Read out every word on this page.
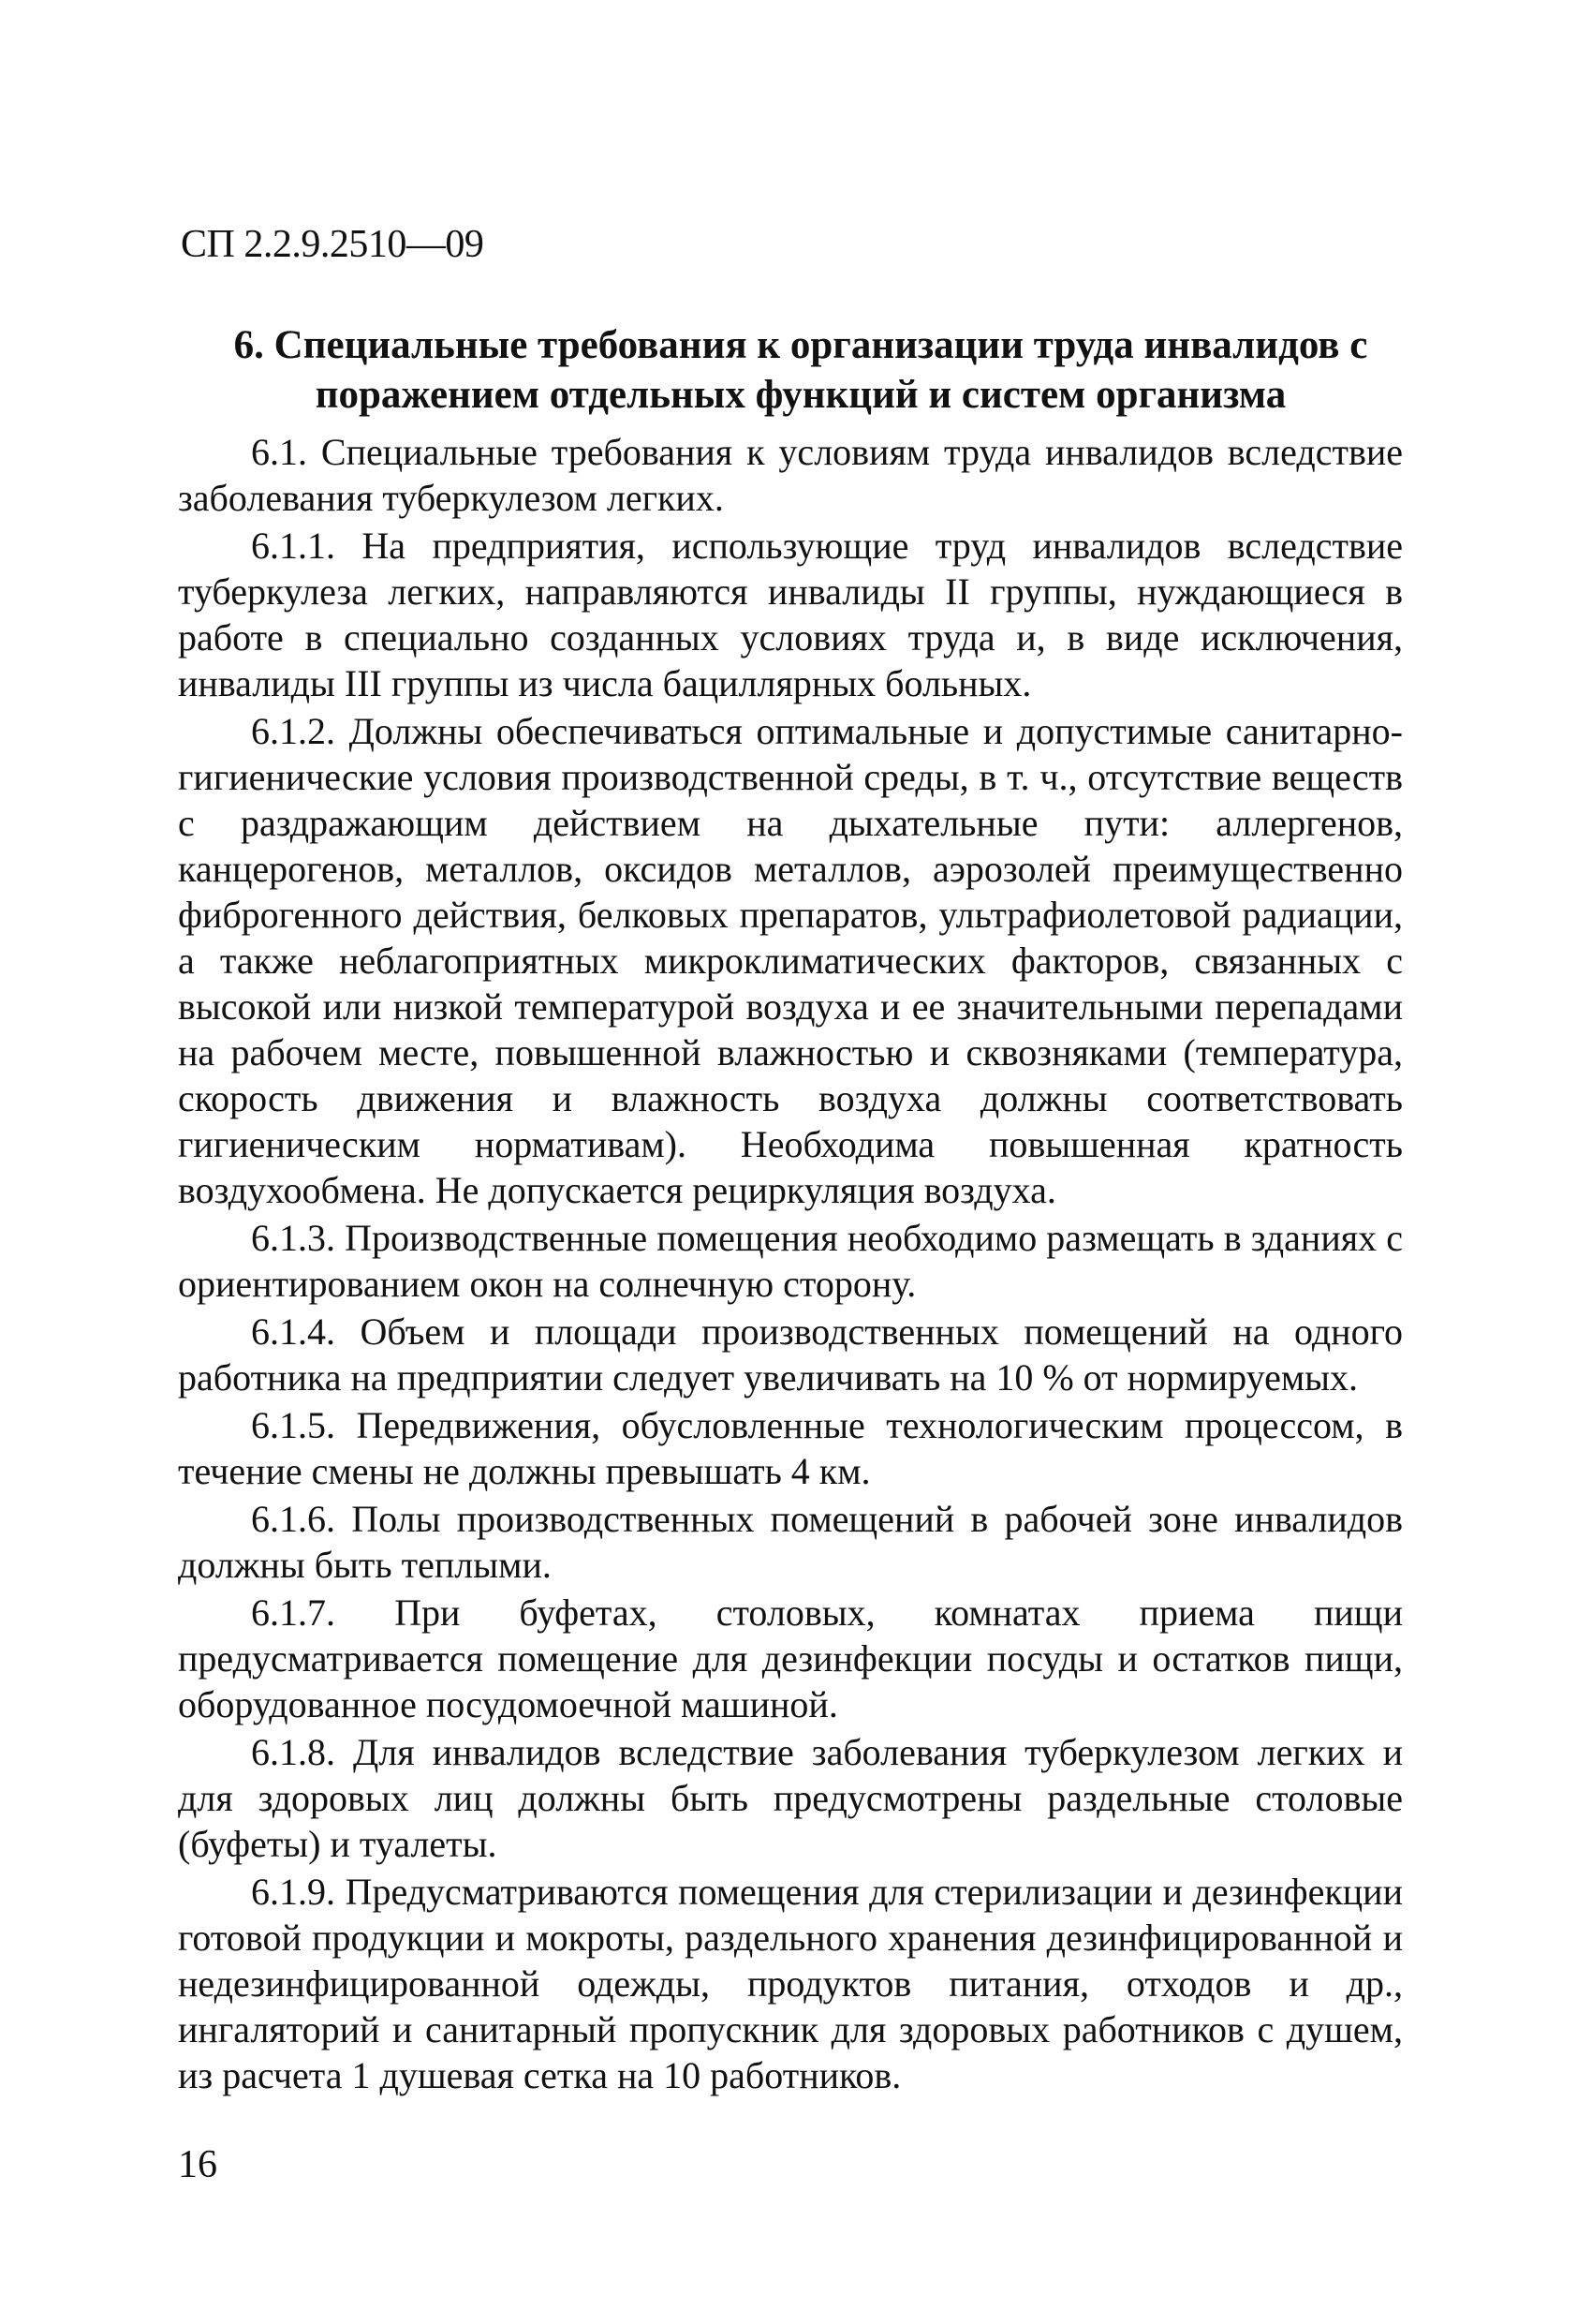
СП 2.2.9.2510—09
6. Специальные требования к организации труда инвалидов с поражением отдельных функций и систем организма

6.1. Специальные требования к условиям труда инвалидов вследствие заболевания туберкулезом легких.

6.1.1. На предприятия, использующие труд инвалидов вследствие туберкулеза легких, направляются инвалиды II группы, нуждающиеся в работе в специально созданных условиях труда и, в виде исключения, инвалиды III группы из числа бациллярных больных.

6.1.2. Должны обеспечиваться оптимальные и допустимые санитарно-гигиенические условия производственной среды, в т. ч., отсутствие веществ с раздражающим действием на дыхательные пути: аллергенов, канцерогенов, металлов, оксидов металлов, аэрозолей преимущественно фиброгенного действия, белковых препаратов, ультрафиолетовой радиации, а также неблагоприятных микроклиматических факторов, связанных с высокой или низкой температурой воздуха и ее значительными перепадами на рабочем месте, повышенной влажностью и сквозняками (температура, скорость движения и влажность воздуха должны соответствовать гигиеническим нормативам). Необходима повышенная кратность воздухообмена. Не допускается рециркуляция воздуха.

6.1.3. Производственные помещения необходимо размещать в зданиях с ориентированием окон на солнечную сторону.

6.1.4. Объем и площади производственных помещений на одного работника на предприятии следует увеличивать на 10 % от нормируемых.

6.1.5. Передвижения, обусловленные технологическим процессом, в течение смены не должны превышать 4 км.

6.1.6. Полы производственных помещений в рабочей зоне инвалидов должны быть теплыми.

6.1.7. При буфетах, столовых, комнатах приема пищи предусматривается помещение для дезинфекции посуды и остатков пищи, оборудованное посудомоечной машиной.

6.1.8. Для инвалидов вследствие заболевания туберкулезом легких и для здоровых лиц должны быть предусмотрены раздельные столовые (буфеты) и туалеты.

6.1.9. Предусматриваются помещения для стерилизации и дезинфекции готовой продукции и мокроты, раздельного хранения дезинфицированной и недезинфицированной одежды, продуктов питания, отходов и др., ингаляторий и санитарный пропускник для здоровых работников с душем, из расчета 1 душевая сетка на 10 работников.

16
